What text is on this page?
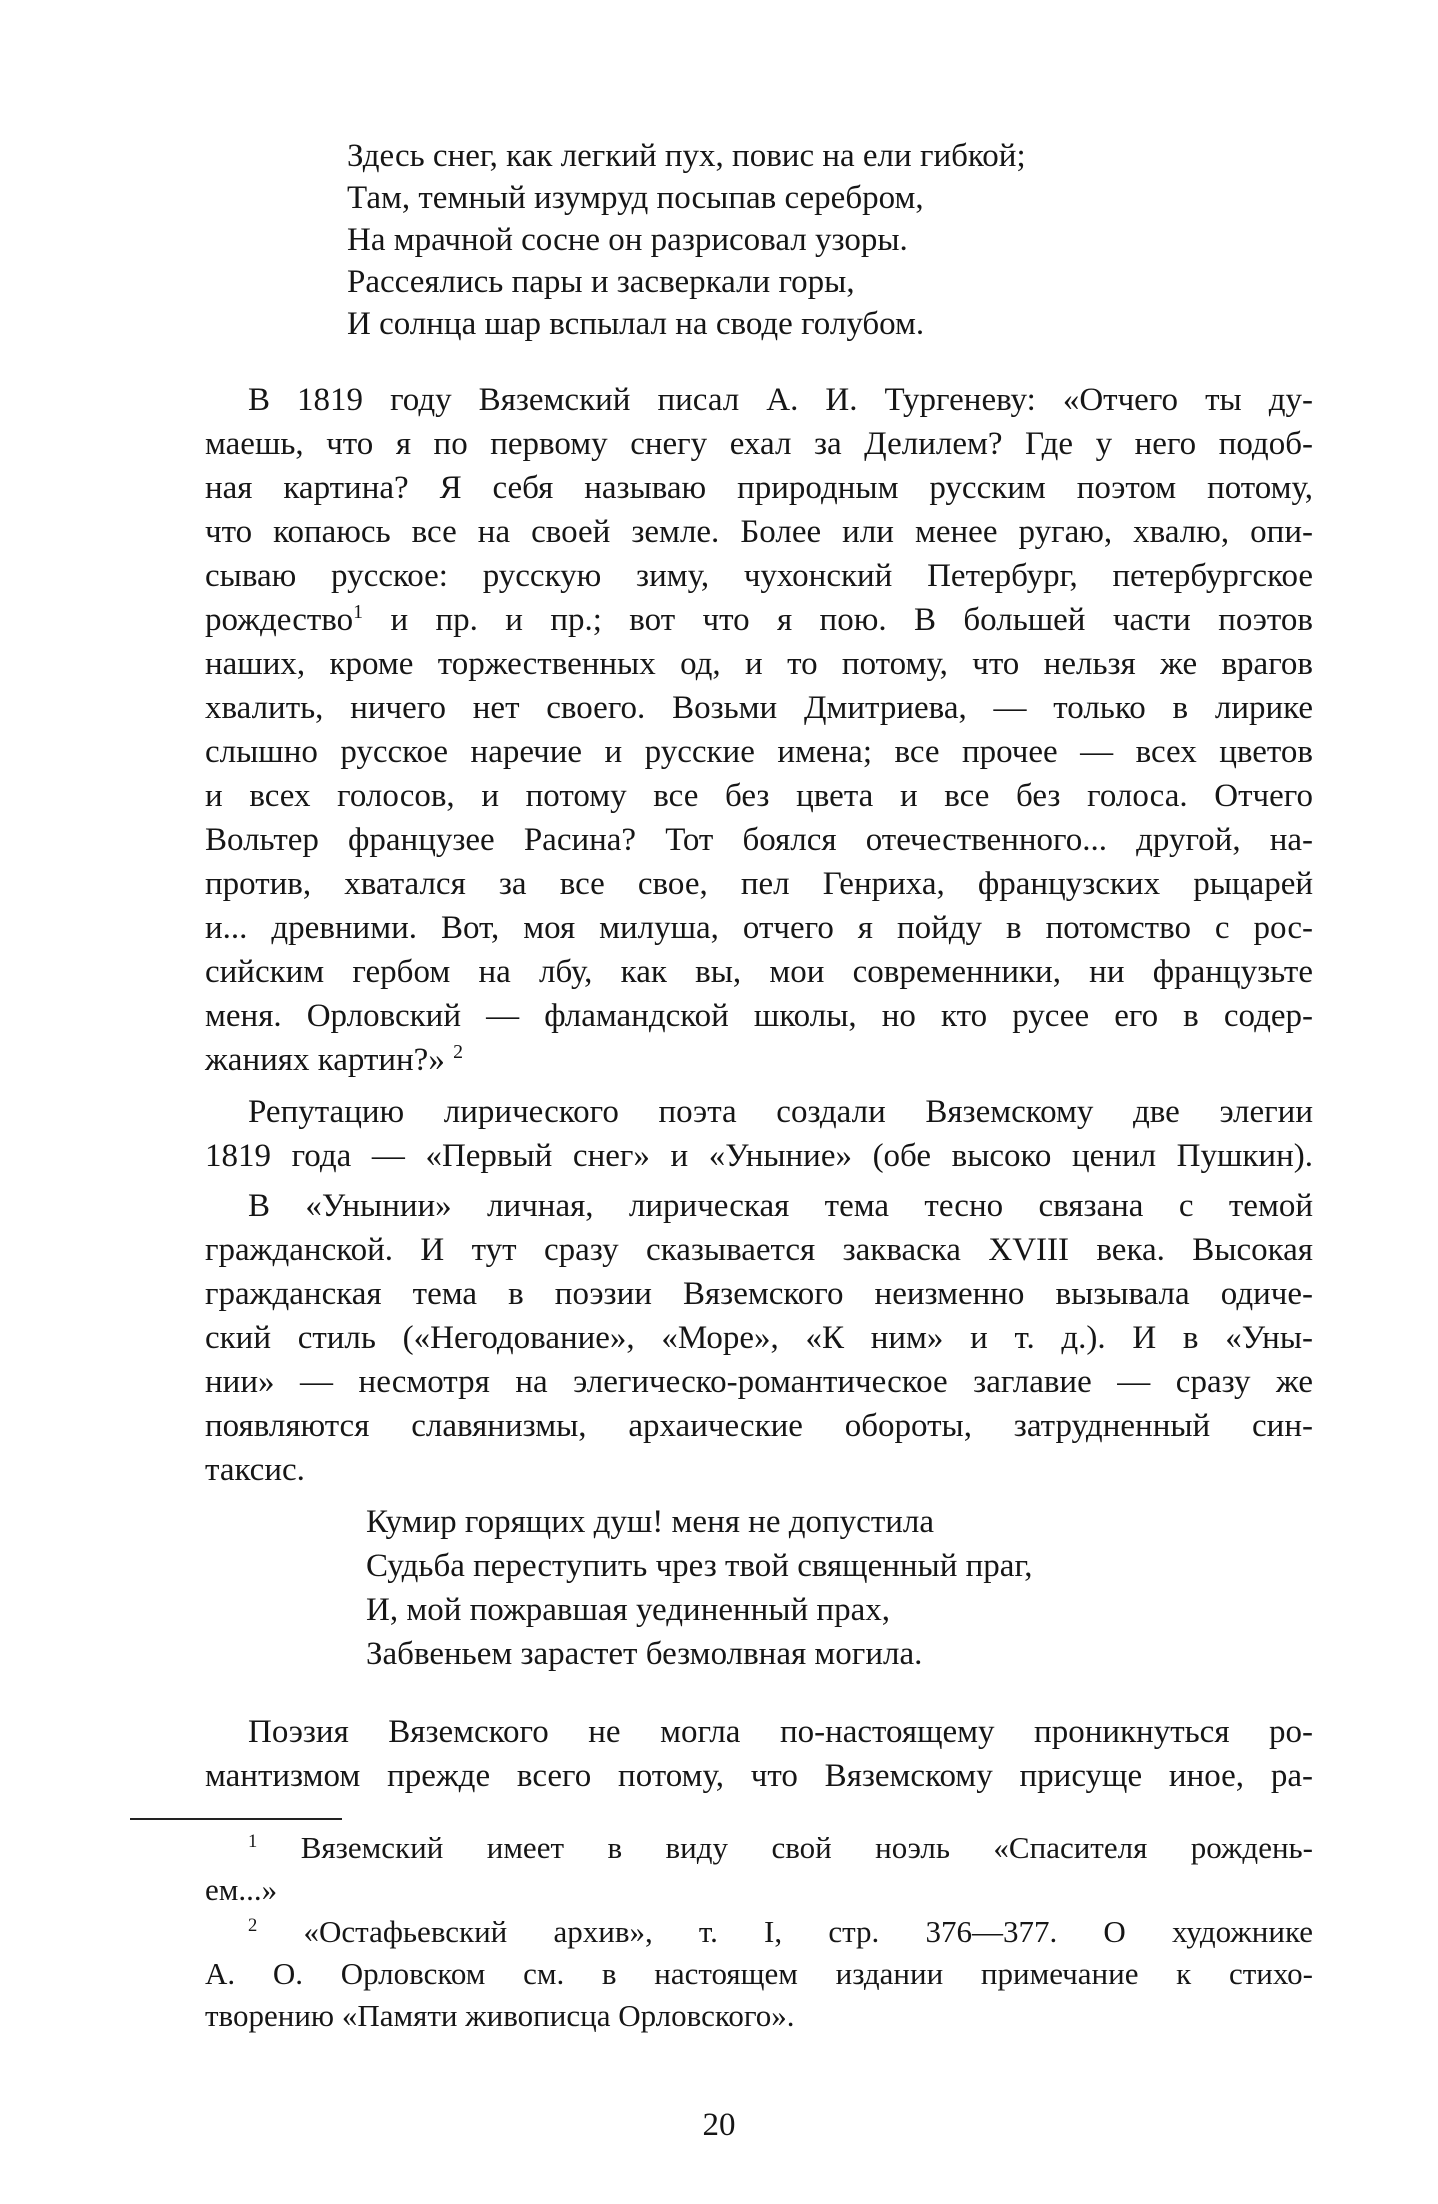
Здесь снег, как легкий пух, повис на ели гибкой;
Там, темный изумруд посыпав серебром,
На мрачной сосне он разрисовал узоры.
Рассеялись пары и засверкали горы,
И солнца шар вспылал на своде голубом.
В 1819 году Вяземский писал А. И. Тургеневу: «Отчего ты ду-
маешь, что я по первому снегу ехал за Делилем? Где у него подоб-
ная картина? Я себя называю природным русским поэтом потому,
что копаюсь все на своей земле. Более или менее ругаю, хвалю, опи-
сываю русское: русскую зиму, чухонский Петербург, петербургское
рождество$^1$ и пр. и пр.; вот что я пою. В большей части поэтов
наших, кроме торжественных од, и то потому, что нельзя же врагов
хвалить, ничего нет своего. Возьми Дмитриева, — только в лирике
слышно русское наречие и русские имена; все прочее — всех цветов
и всех голосов, и потому все без цвета и все без голоса. Отчего
Вольтер французее Расина? Тот боялся отечественного... другой, на-
против, хватался за все свое, пел Генриха, французских рыцарей
и... древними. Вот, моя милуша, отчего я пойду в потомство с рос-
сийским гербом на лбу, как вы, мои современники, ни французьте
меня. Орловский — фламандской школы, но кто русее его в содер-
жаниях картин?» $^2$
Репутацию лирического поэта создали Вяземскому две элегии
1819 года — «Первый снег» и «Уныние» (обе высоко ценил Пушкин).
В «Унынии» личная, лирическая тема тесно связана с темой
гражданской. И тут сразу сказывается закваска XVIII века. Высокая
гражданская тема в поэзии Вяземского неизменно вызывала одиче-
ский стиль («Негодование», «Море», «К ним» и т. д.). И в «Уны-
нии» — несмотря на элегическо-романтическое заглавие — сразу же
появляются славянизмы, архаические обороты, затрудненный син-
таксис.
Кумир горящих душ! меня не допустила
Судьба переступить чрез твой священный праг,
И, мой пожравшая уединенный прах,
Забвеньем зарастет безмолвная могила.
Поэзия Вяземского не могла по-настоящему проникнуться ро-
мантизмом прежде всего потому, что Вяземскому присуще иное, ра-
$^1$ Вяземский имеет в виду свой ноэль «Спасителя рождень-
ем...»
$^2$ «Остафьевский архив», т. I, стр. 376—377. О художнике
А. О. Орловском см. в настоящем издании примечание к стихо-
творению «Памяти живописца Орловского».
20
